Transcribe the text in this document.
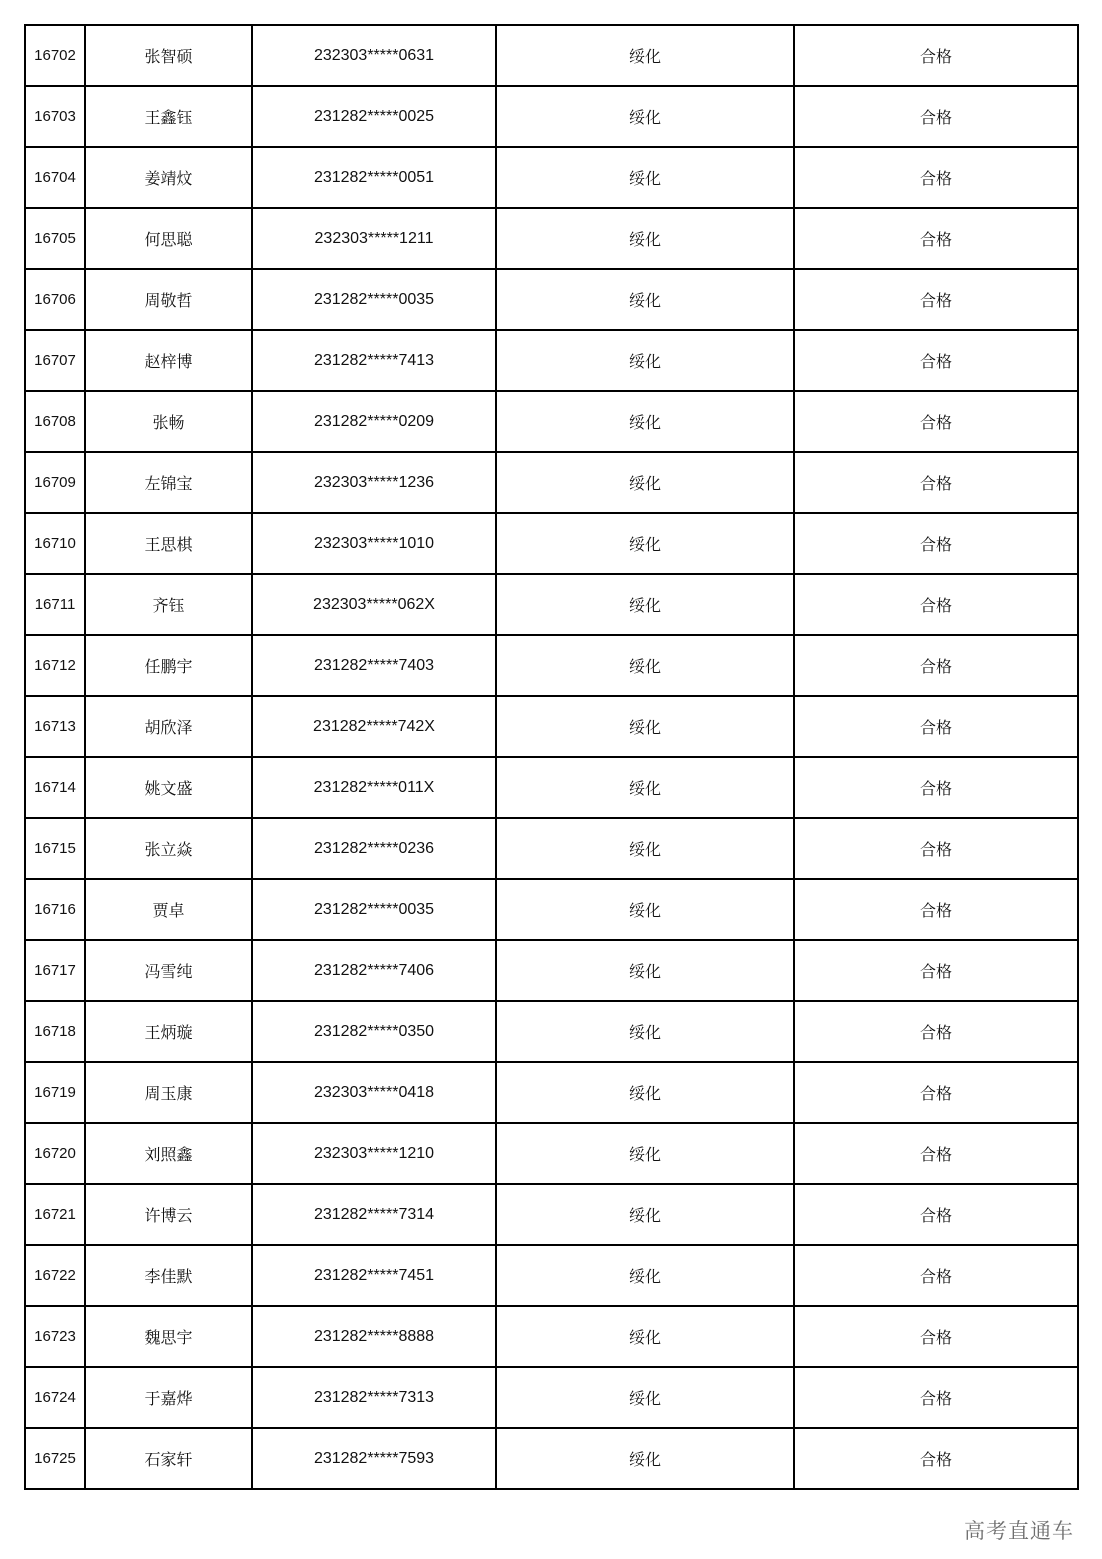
16702	张智硕	232303*****0631	绥化	合格
16703	王鑫钰	231282*****0025	绥化	合格
16704	姜靖炆	231282*****0051	绥化	合格
16705	何思聪	232303*****1211	绥化	合格
16706	周敬哲	231282*****0035	绥化	合格
16707	赵梓博	231282*****7413	绥化	合格
16708	张畅	231282*****0209	绥化	合格
16709	左锦宝	232303*****1236	绥化	合格
16710	王思棋	232303*****1010	绥化	合格
16711	齐钰	232303*****062X	绥化	合格
16712	任鹏宇	231282*****7403	绥化	合格
16713	胡欣泽	231282*****742X	绥化	合格
16714	姚文盛	231282*****011X	绥化	合格
16715	张立焱	231282*****0236	绥化	合格
16716	贾卓	231282*****0035	绥化	合格
16717	冯雪纯	231282*****7406	绥化	合格
16718	王炳璇	231282*****0350	绥化	合格
16719	周玉康	232303*****0418	绥化	合格
16720	刘照鑫	232303*****1210	绥化	合格
16721	许博云	231282*****7314	绥化	合格
16722	李佳默	231282*****7451	绥化	合格
16723	魏思宇	231282*****8888	绥化	合格
16724	于嘉烨	231282*****7313	绥化	合格
16725	石家轩	231282*****7593	绥化	合格
高考直通车
